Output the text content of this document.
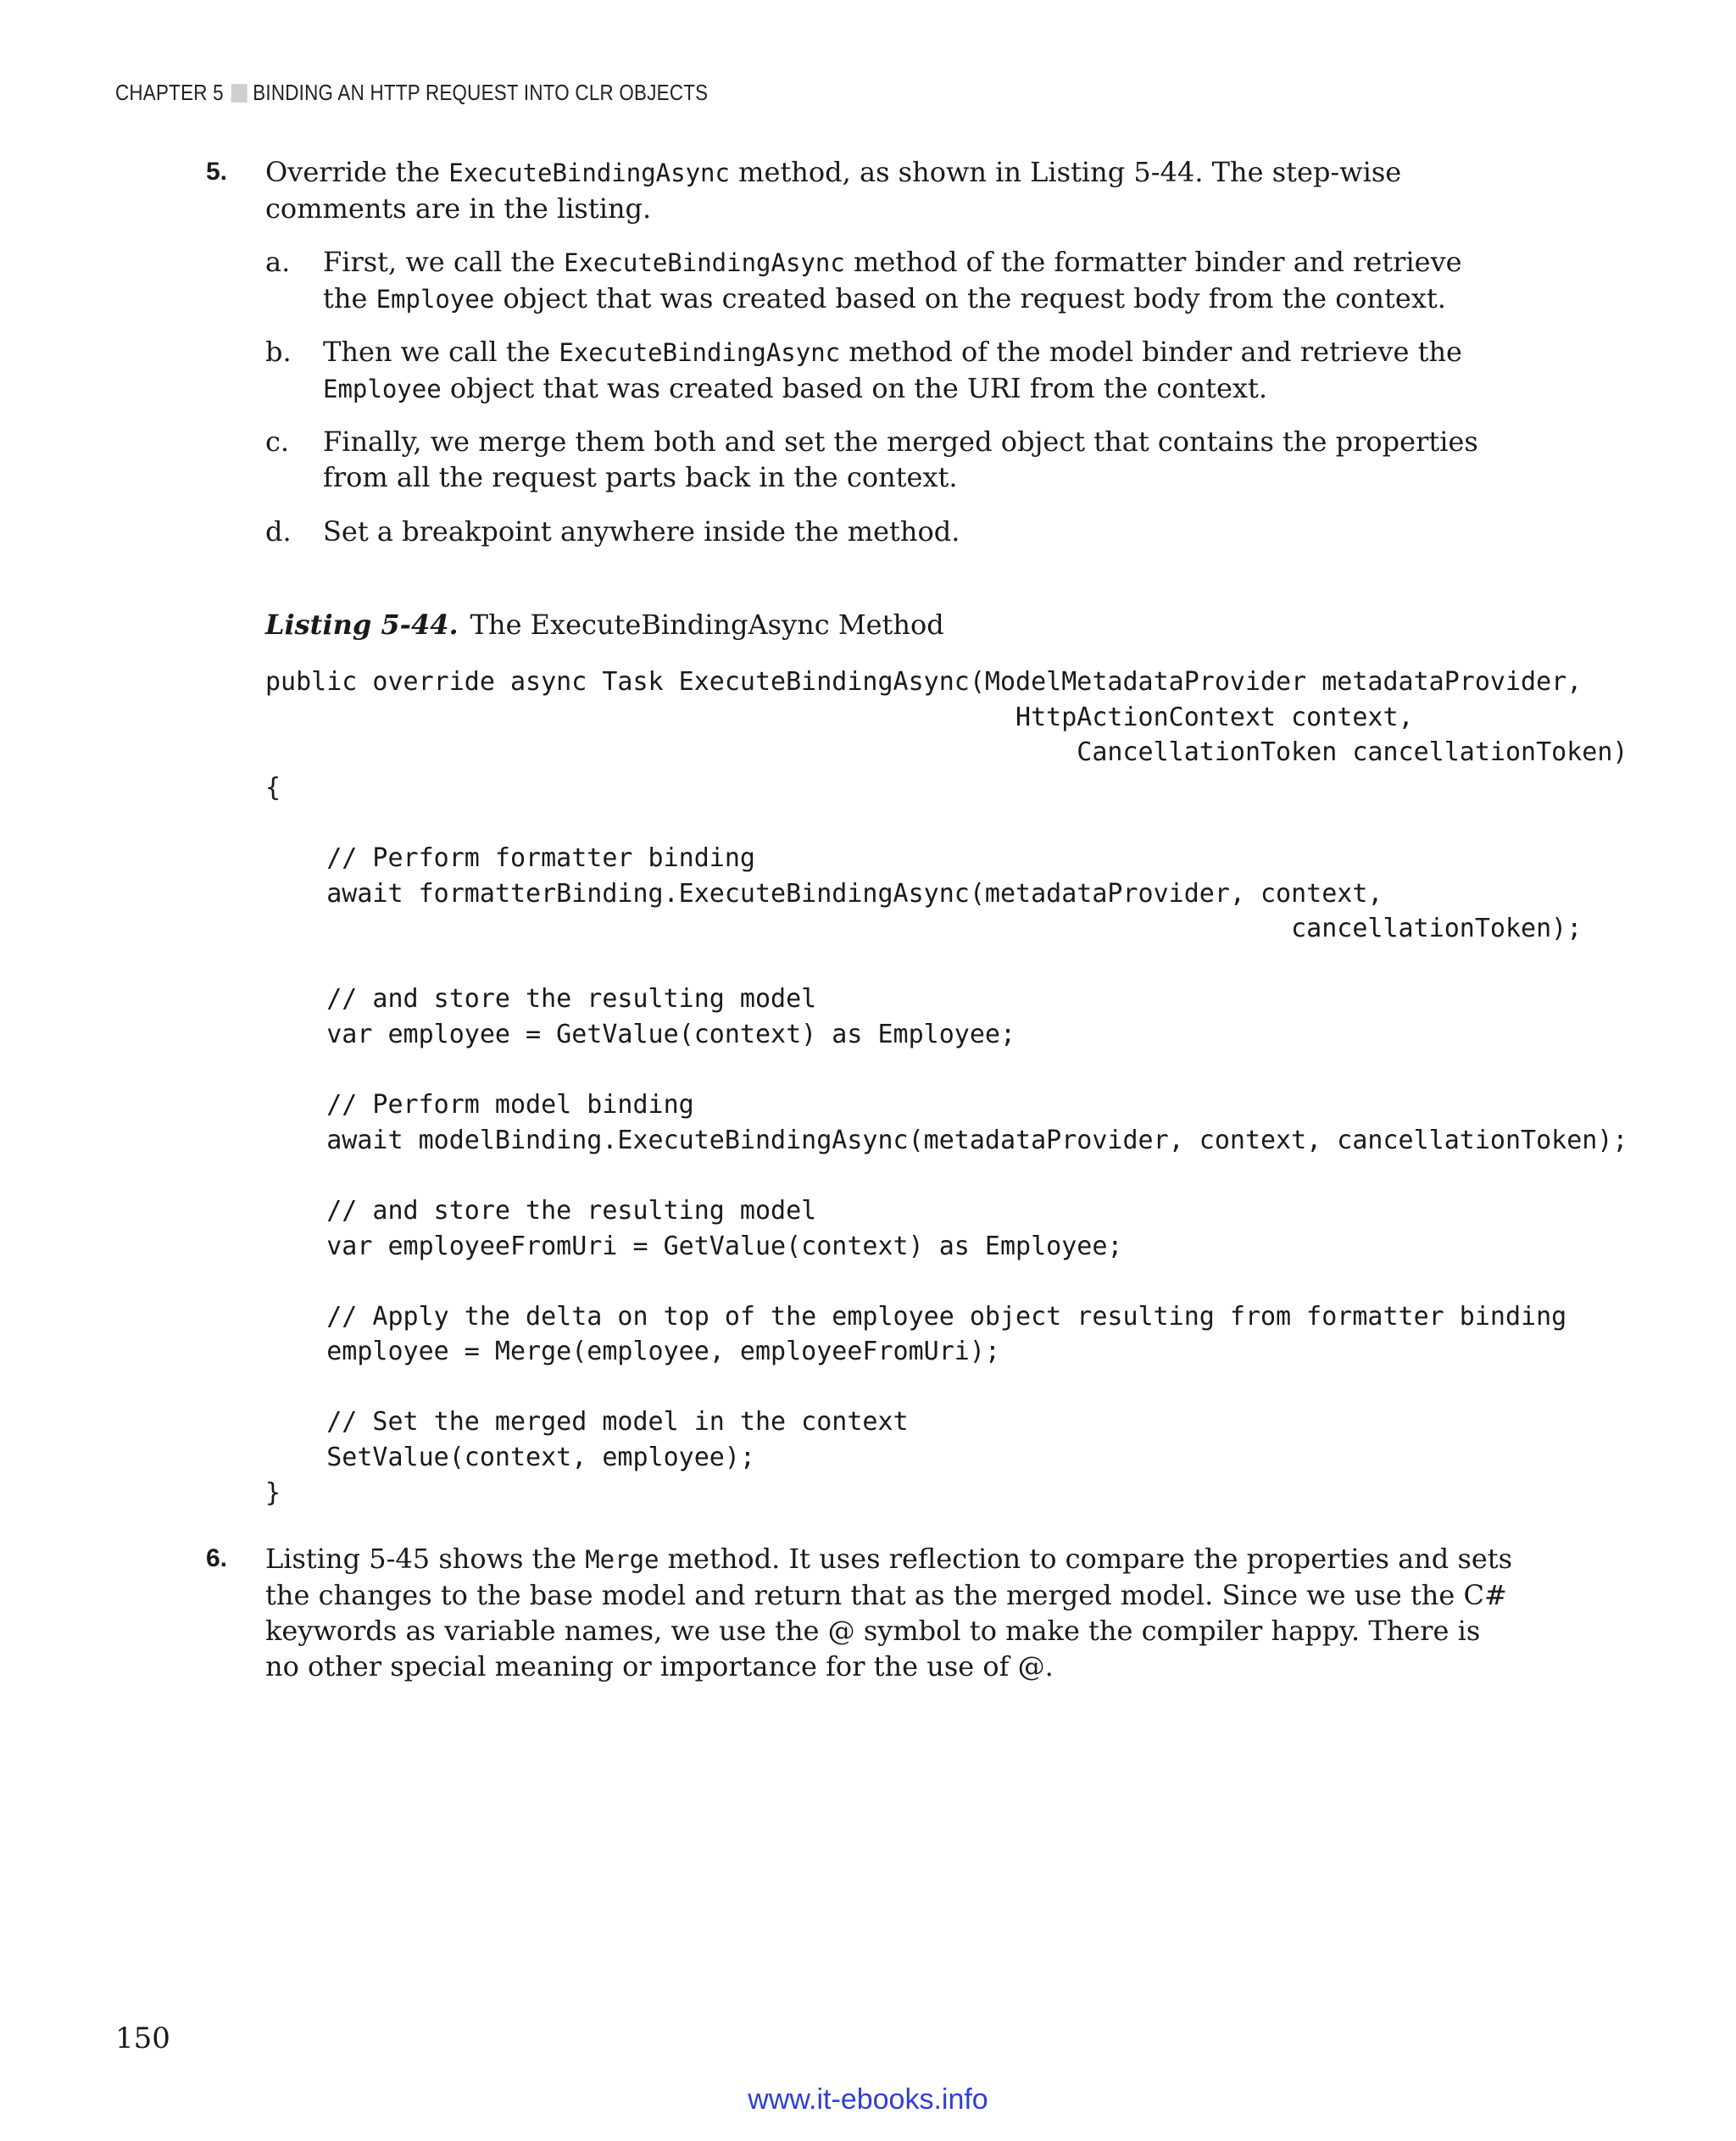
CHAPTER 5 BINDING AN HTTP REQUEST INTO CLR OBJECTS
5. Override the ExecuteBindingAsync method, as shown in Listing 5-44. The step-wise
comments are in the listing.
a. First, we call the ExecuteBindingAsync method of the formatter binder and retrieve
the Employee object that was created based on the request body from the context.
b. Then we call the ExecuteBindingAsync method of the model binder and retrieve the
Employee object that was created based on the URI from the context.
c. Finally, we merge them both and set the merged object that contains the properties
from all the request parts back in the context.
d. Set a breakpoint anywhere inside the method.
Listing 5-44. The ExecuteBindingAsync Method
public override async Task ExecuteBindingAsync(ModelMetadataProvider metadataProvider,
HttpActionContext context,
CancellationToken cancellationToken)
{

// Perform formatter binding
await formatterBinding.ExecuteBindingAsync(metadataProvider, context,
cancellationToken);

// and store the resulting model
var employee = GetValue(context) as Employee;

// Perform model binding
await modelBinding.ExecuteBindingAsync(metadataProvider, context, cancellationToken);

// and store the resulting model
var employeeFromUri = GetValue(context) as Employee;

// Apply the delta on top of the employee object resulting from formatter binding
employee = Merge(employee, employeeFromUri);

// Set the merged model in the context
SetValue(context, employee);
}
6. Listing 5-45 shows the Merge method. It uses reflection to compare the properties and sets
the changes to the base model and return that as the merged model. Since we use the C#
keywords as variable names, we use the @ symbol to make the compiler happy. There is
no other special meaning or importance for the use of @.
150
www.it-ebooks.info
